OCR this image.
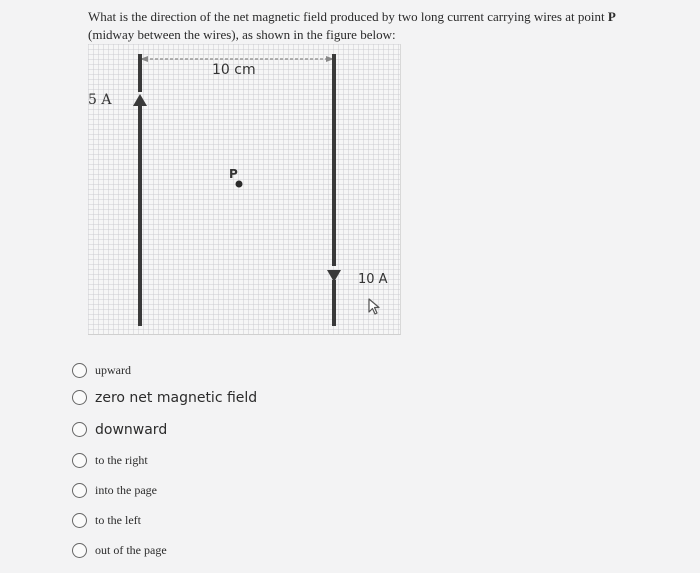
What is the direction of the net magnetic field produced by two long current carrying wires at point P (midway between the wires), as shown in the figure below:
10 cm
5 A
P
10 A
upward
zero net magnetic field
downward
to the right
into the page
to the left
out of the page
